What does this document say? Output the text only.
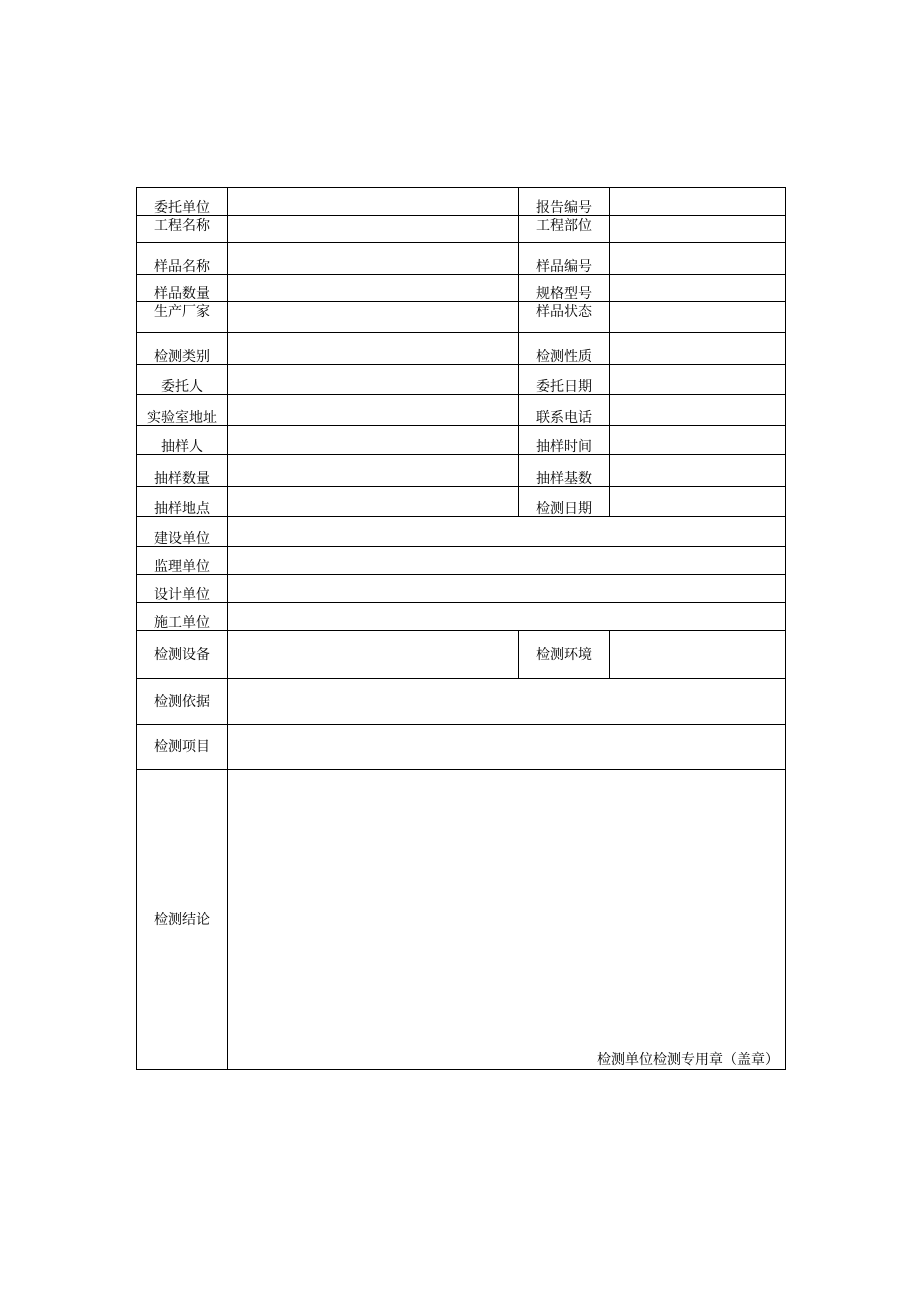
委托单位		报告编号	
工程名称		工程部位	
样品名称		样品编号	
样品数量		规格型号	
生产厂家		样品状态	
检测类别		检测性质	
委托人		委托日期	
实验室地址		联系电话	
抽样人		抽样时间	
抽样数量		抽样基数	
抽样地点		检测日期	
建设单位			
监理单位			
设计单位			
施工单位			
检测设备		检测环境	
检测依据			
检测项目			
检测结论	检测单位检测专用章（盖章）		
